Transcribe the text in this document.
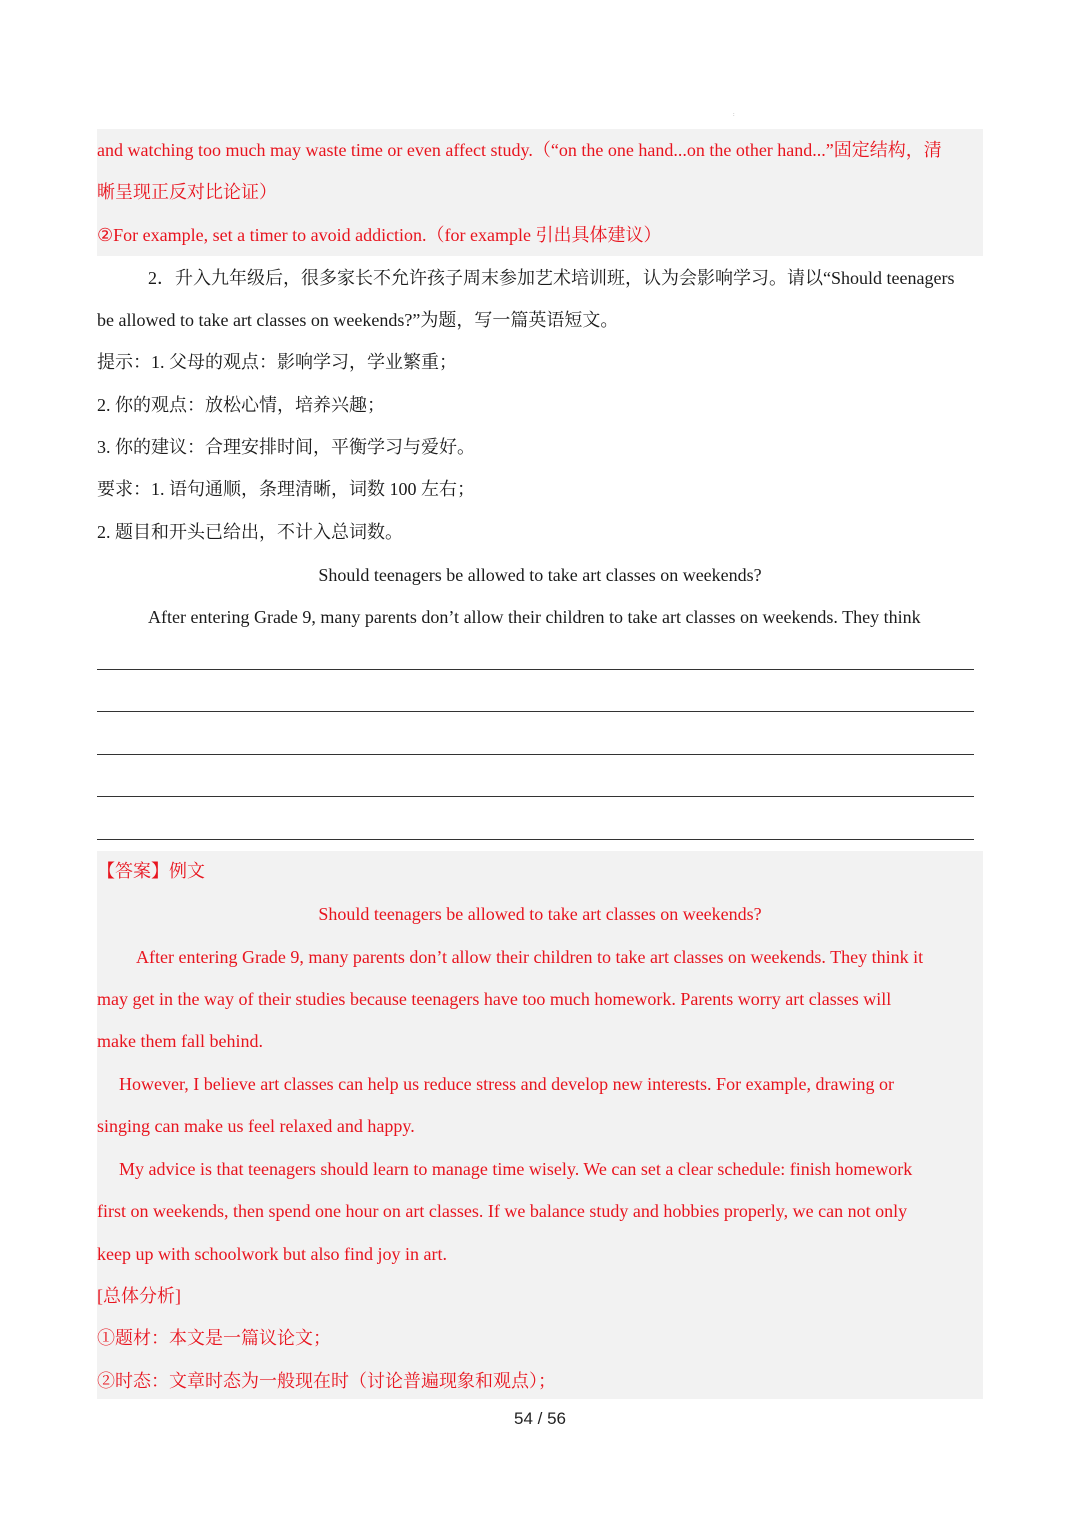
:
and watching too much may waste time or even affect study.（“on the one hand...on the other hand...”固定结构，清
晰呈现正反对比论证）
②For example, set a timer to avoid addiction.（for example 引出具体建议）
2．升入九年级后，很多家长不允许孩子周末参加艺术培训班，认为会影响学习。请以“Should teenagers
be allowed to take art classes on weekends?”为题，写一篇英语短文。
提示：1. 父母的观点：影响学习，学业繁重；
2. 你的观点：放松心情，培养兴趣；
3. 你的建议：合理安排时间，平衡学习与爱好。
要求：1. 语句通顺，条理清晰，词数 100 左右；
2. 题目和开头已给出，不计入总词数。
Should teenagers be allowed to take art classes on weekends?
After entering Grade 9, many parents don’t allow their children to take art classes on weekends. They think
【答案】例文
Should teenagers be allowed to take art classes on weekends?
After entering Grade 9, many parents don’t allow their children to take art classes on weekends. They think it
may get in the way of their studies because teenagers have too much homework. Parents worry art classes will
make them fall behind.
However, I believe art classes can help us reduce stress and develop new interests. For example, drawing or
singing can make us feel relaxed and happy.
My advice is that teenagers should learn to manage time wisely. We can set a clear schedule: finish homework
first on weekends, then spend one hour on art classes. If we balance study and hobbies properly, we can not only
keep up with schoolwork but also find joy in art.
[总体分析]
①题材：本文是一篇议论文；
②时态：文章时态为一般现在时（讨论普遍现象和观点）；
54 / 56
